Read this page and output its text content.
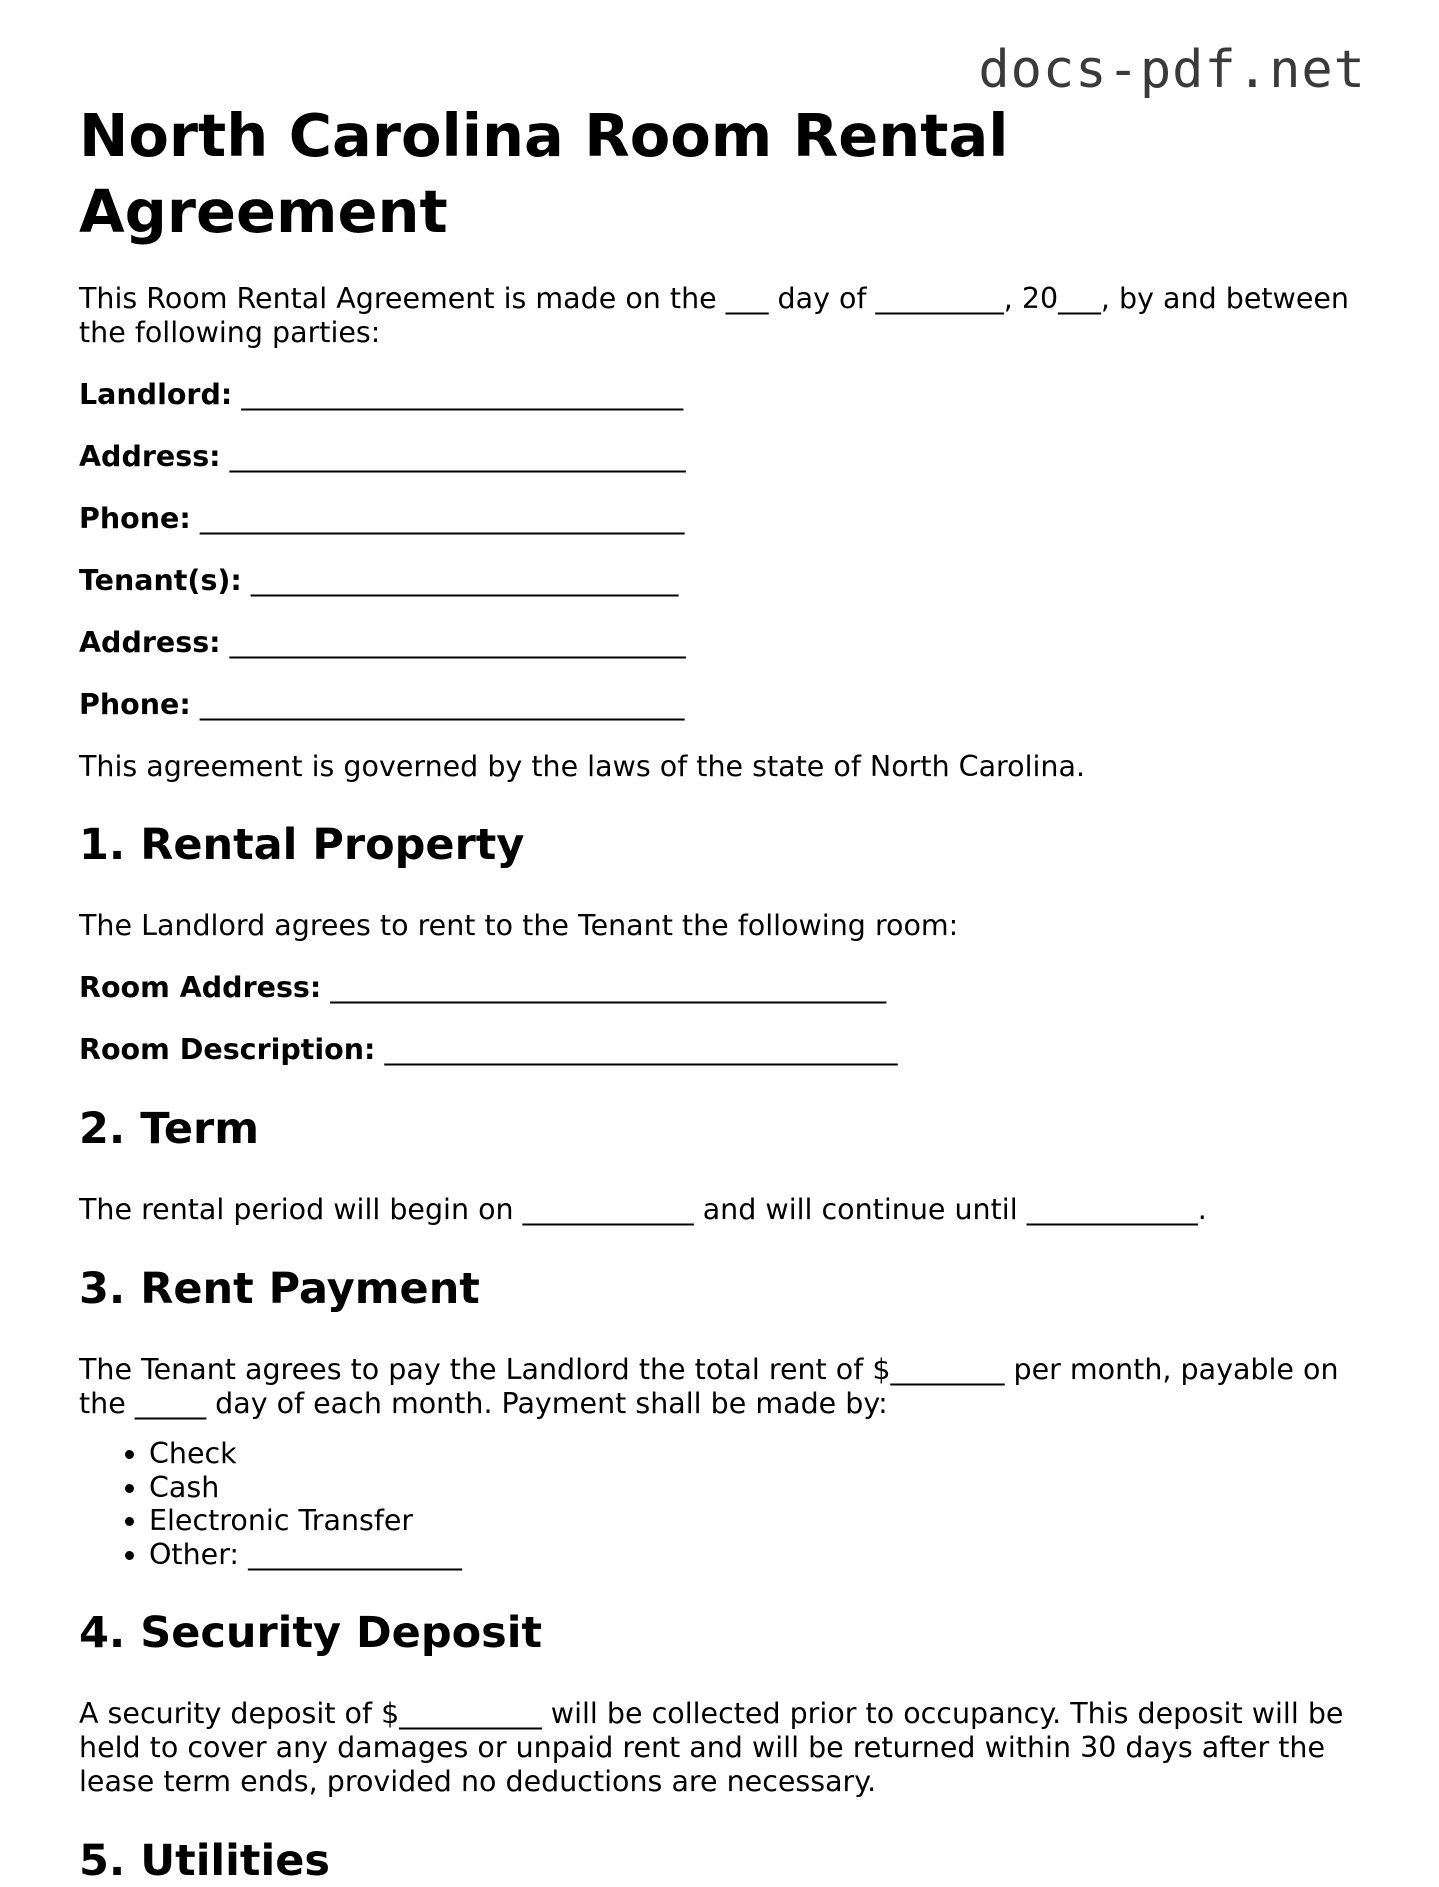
docs-pdf.net
North Carolina Room Rental Agreement

This Room Rental Agreement is made on the ___ day of _________, 20___, by and between the following parties:

Landlord: _______________________________
Address: ________________________________
Phone: __________________________________
Tenant(s): ______________________________
Address: ________________________________
Phone: __________________________________

This agreement is governed by the laws of the state of North Carolina.

1. Rental Property

The Landlord agrees to rent to the Tenant the following room:

Room Address: _______________________________________
Room Description: ____________________________________
2. Term

The rental period will begin on ____________ and will continue until ____________.

3. Rent Payment

The Tenant agrees to pay the Landlord the total rent of $________ per month, payable on the _____ day of each month. Payment shall be made by:

• Check
• Cash
• Electronic Transfer
• Other: _______________
4. Security Deposit

A security deposit of $__________ will be collected prior to occupancy. This deposit will be held to cover any damages or unpaid rent and will be returned within 30 days after the lease term ends, provided no deductions are necessary.

5. Utilities
